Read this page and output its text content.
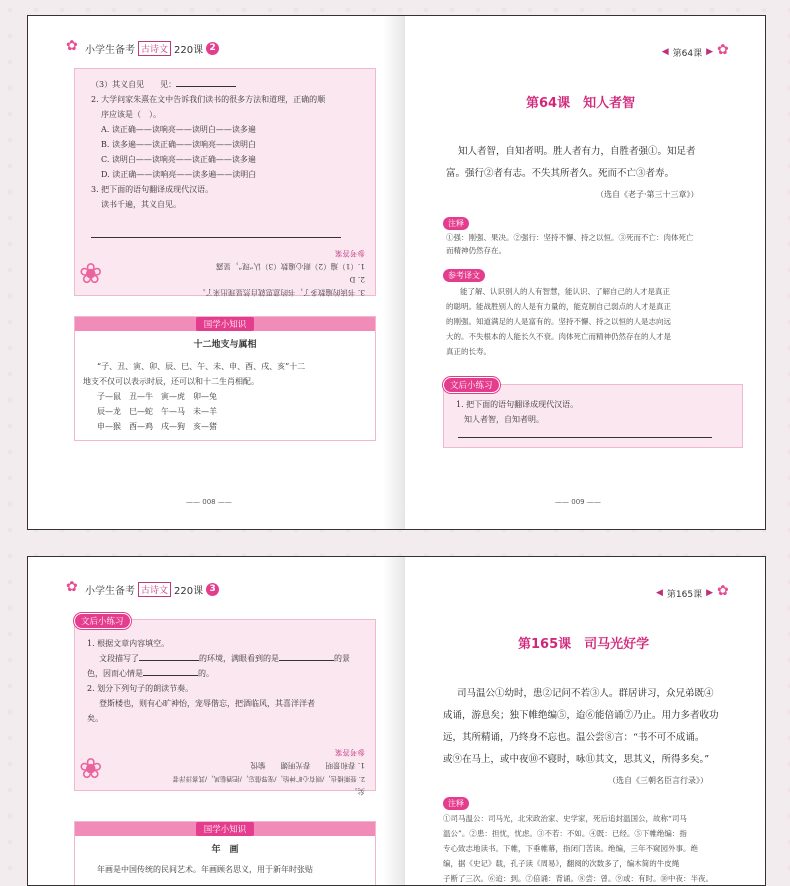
✿
小学生备考 古诗文 220课 2
（3）其义自见　　见：
2. 大学问家朱熹在文中告诉我们读书的很多方法和道理，正确的顺
序应该是（　）。
A. 读正确——读响亮——读明白——读多遍
B. 读多遍——读正确——读响亮——读明白
C. 读明白——读响亮——读正确——读多遍
D. 读正确——读响亮——读多遍——读明白
3. 把下面的语句翻译成现代汉语。
读书千遍，其义自见。
❀
3. 书读的遍数多了，书的意思就自然显现出来了。
2. D
1.（1）遍（2）耐心遍数（3）认“现”，显露
参考答案
国学小知识
十二地支与属相
“子、丑、寅、卯、辰、巳、午、未、申、酉、戌、亥”十二
地支不仅可以表示时辰，还可以和十二生肖相配。
子—鼠　丑—牛　寅—虎　卯—兔
辰—龙　巳—蛇　午—马　未—羊
申—猴　酉—鸡　戌—狗　亥—猪
—— 008 ——
◀ 第64课 ▶
✿
第64课　知人者智
知人者智，自知者明。胜人者有力，自胜者强①。知足者
富。强行②者有志。不失其所者久。死而不亡③者寿。
（选自《老子·第三十三章》）
注释
①强：刚强、果决。②强行：坚持不懈、持之以恒。③死而不亡：肉体死亡
而精神仍然存在。
参考译文
能了解、认识别人的人有智慧，能认识、了解自己的人才是真正
的聪明。能战胜别人的人是有力量的，能克制自己弱点的人才是真正
的刚强。知道满足的人是富有的。坚持不懈、持之以恒的人是志向远
大的。不失根本的人能长久不衰。肉体死亡而精神仍然存在的人才是
真正的长寿。
1. 把下面的语句翻译成现代汉语。
知人者智，自知者明。
文后小练习
—— 009 ——
✿
小学生备考 古诗文 220课 3
1. 根据文章内容填空。
文段描写了	的环境，满眼看到的是	的景
色，因而心情是	的。
2. 划分下列句子的朗读节奏。
登斯楼也，则有心旷神怡，宠辱偕忘，把酒临风，其喜洋洋者
矣。
❀
矣。
2. 登斯楼也，/则有心旷神怡，/宠辱偕忘，/把酒临风，/其喜洋洋者
1. 春和景明　　春光明媚　　愉悦
参考答案
文后小练习
国学小知识
年　画
年画是中国传统的民间艺术。年画顾名思义，用于新年时张贴
◀ 第165课 ▶
✿
第165课　司马光好学
司马温公①幼时，患②记问不若③人。群居讲习，众兄弟既④
成诵，游息矣；独下帷绝编⑤，迨⑥能倍诵⑦乃止。用力多者收功
远，其所精诵，乃终身不忘也。温公尝⑧言：“书不可不成诵。
或⑨在马上，或中夜⑩不寝时，咏⑪其文，思其义，所得多矣。”
（选自《三朝名臣言行录》）
注释
①司马温公：司马光，北宋政治家、史学家，死后追封温国公，故称“司马
温公”。②患：担忧，忧虑。③不若：不如。④既：已经。⑤下帷绝编：指
专心致志地读书。下帷，下垂帷幕，指闭门苦读。绝编，三年不窥园外事。绝
编，据《史记》载，孔子读《周易》，翻阅的次数多了，编木简的牛皮绳
子断了三次。⑥迨：到。⑦倍诵：背诵。⑧尝：曾。⑨或：有时。⑩中夜：半夜。
